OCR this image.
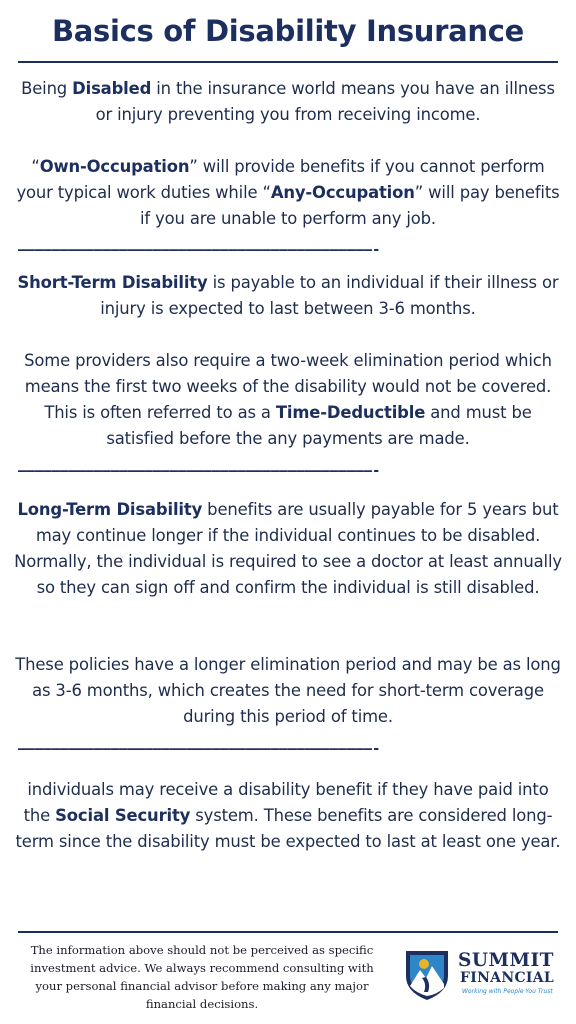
Basics of Disability Insurance

Being Disabled in the insurance world means you have an illness or injury preventing you from receiving income.

“Own-Occupation” will provide benefits if you cannot perform your typical work duties while “Any-Occupation” will pay benefits if you are unable to perform any job.

——————————————————————————————————————————-

Short-Term Disability is payable to an individual if their illness or injury is expected to last between 3-6 months.

Some providers also require a two-week elimination period which means the first two weeks of the disability would not be covered. This is often referred to as a Time-Deductible and must be satisfied before the any payments are made.

——————————————————————————————————————————-

Long-Term Disability benefits are usually payable for 5 years but may continue longer if the individual continues to be disabled. Normally, the individual is required to see a doctor at least annually so they can sign off and confirm the individual is still disabled.

These policies have a longer elimination period and may be as long as 3-6 months, which creates the need for short-term coverage during this period of time.

——————————————————————————————————————————-

individuals may receive a disability benefit if they have paid into the Social Security system. These benefits are considered long-term since the disability must be expected to last at least one year.

The information above should not be perceived as specific investment advice. We always recommend consulting with your personal financial advisor before making any major financial decisions.

SUMMIT
FINANCIAL
Working with People You Trust
